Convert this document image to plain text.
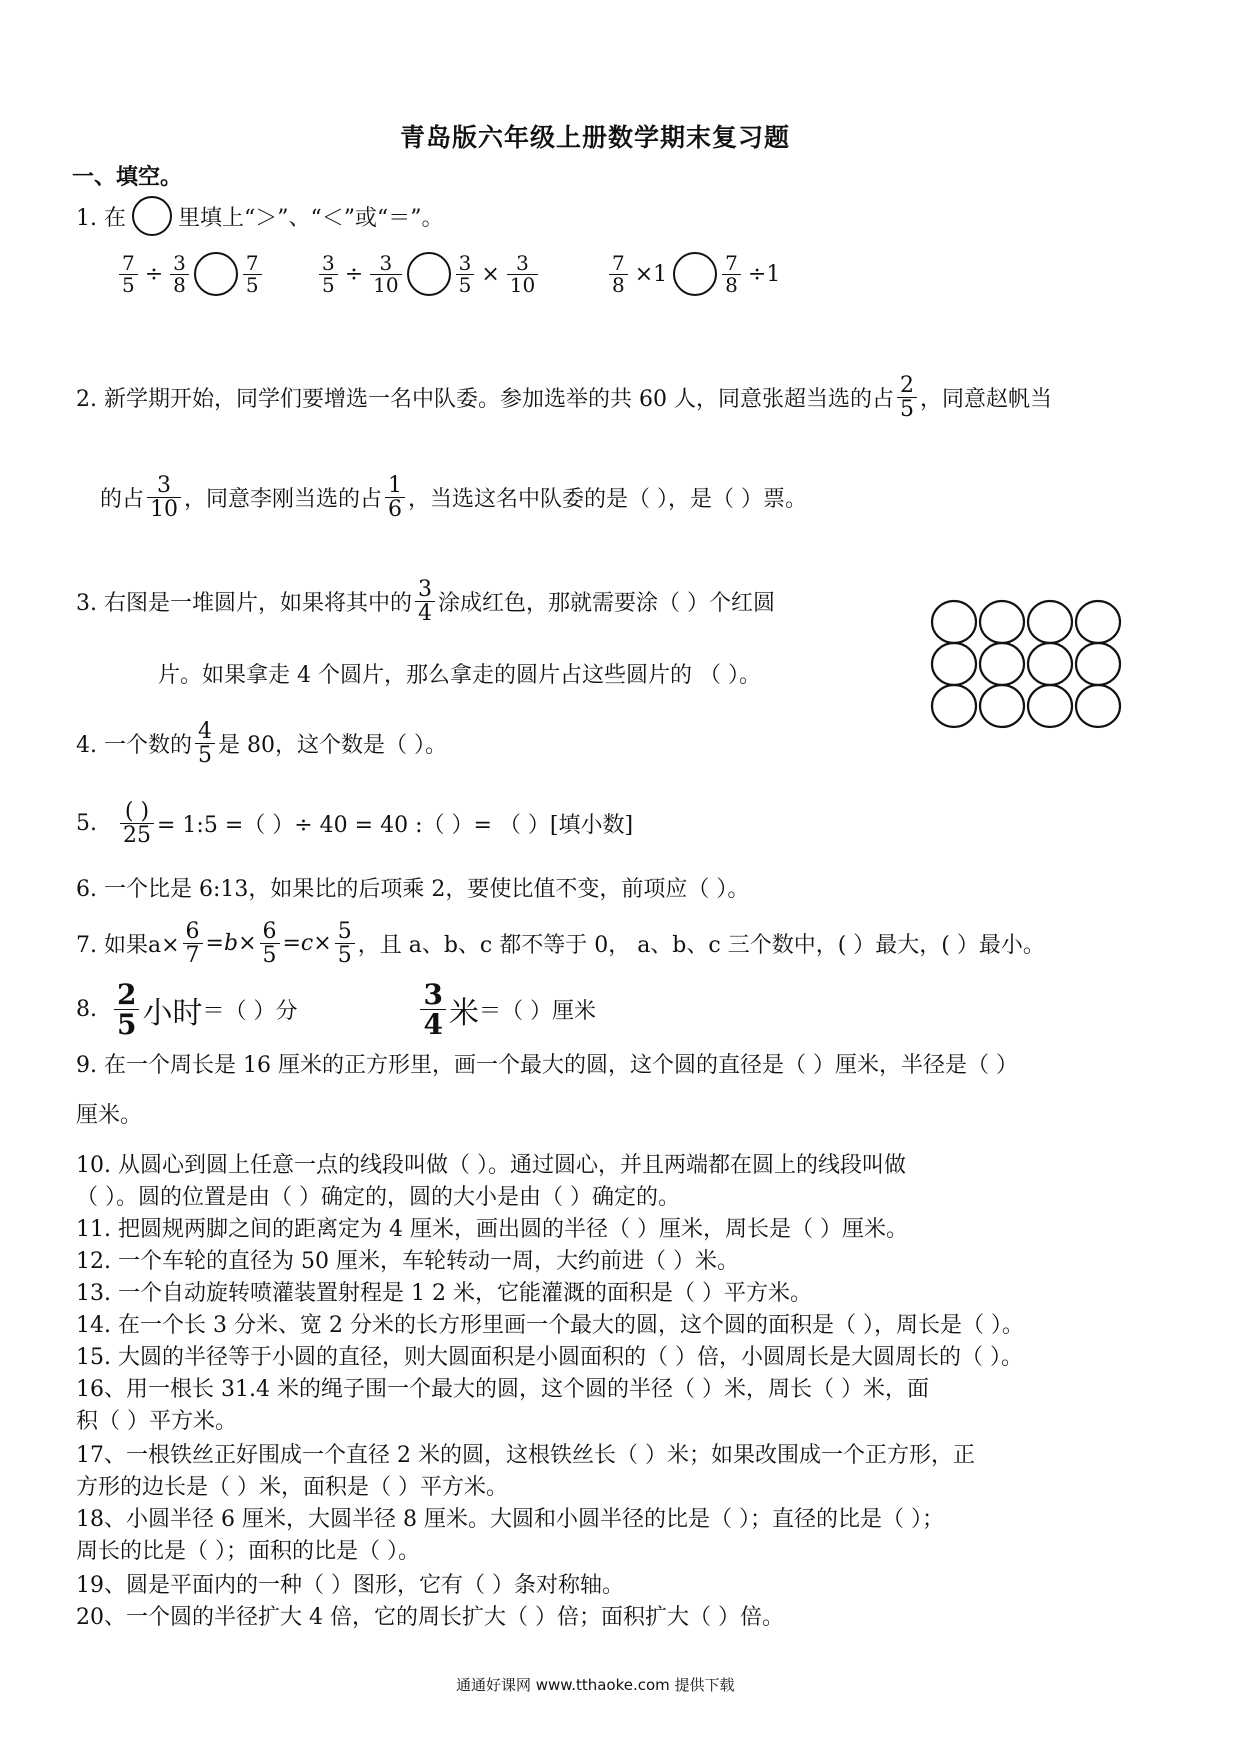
青岛版六年级上册数学期末复习题
一、填空。
1. 在 里填上“＞”、“＜”或“＝”。
$\frac{7}{5} \div \frac{3}{8}$	$\frac{7}{5}$	$\frac{3}{5} \div \frac{3}{10}$	$\frac{3}{5} \times \frac{3}{10}$	$\frac{7}{8} \times 1$	$\frac{7}{8} \div 1$
2. 新学期开始，同学们要增选一名中队委。参加选举的共 60 人，同意张超当选的占 $\frac{2}{5}$ ，同意赵帆当
的占 $\frac{3}{10}$ ，同意李刚当选的占 $\frac{1}{6}$ ，当选这名中队委的是（ ），是（ ）票。
3. 右图是一堆圆片，如果将其中的 $\frac{3}{4}$ 涂成红色，那就需要涂（ ）个红圆
片。如果拿走 4 个圆片，那么拿走的圆片占这些圆片的 （ ）。
4. 一个数的 $\frac{4}{5}$ 是 80，这个数是（ ）。
5. $\frac{( )}{25}$ = 1:5 =（ ）÷ 40 = 40 :（ ）= （ ）[填小数]
6. 一个比是 6:13，如果比的后项乘 2，要使比值不变，前项应（ ）。
7. 如果$a\times \frac{6}{7} =b\times \frac{6}{5} =c\times \frac{5}{5}$ ，且 a、b、c 都不等于 0， a、b、c 三个数中，( ）最大，( ）最小。
8. $\frac{2}{5}$ 小时 ＝（ ）分	$\frac{3}{4}$ 米 ＝（ ）厘米
9. 在一个周长是 16 厘米的正方形里，画一个最大的圆，这个圆的直径是（ ）厘米，半径是（ ）
厘米。
10. 从圆心到圆上任意一点的线段叫做（ ）。通过圆心，并且两端都在圆上的线段叫做
（ ）。圆的位置是由（ ）确定的，圆的大小是由（ ）确定的。
11. 把圆规两脚之间的距离定为 4 厘米，画出圆的半径（ ）厘米，周长是（ ）厘米。
12. 一个车轮的直径为 50 厘米，车轮转动一周，大约前进（ ）米。
13. 一个自动旋转喷灌装置射程是 1 2 米，它能灌溉的面积是（ ）平方米。
14. 在一个长 3 分米、宽 2 分米的长方形里画一个最大的圆，这个圆的面积是（ ），周长是（ ）。
15. 大圆的半径等于小圆的直径，则大圆面积是小圆面积的（ ）倍，小圆周长是大圆周长的（ ）。
16、用一根长 31.4 米的绳子围一个最大的圆，这个圆的半径（ ）米，周长（ ）米，面
积（ ）平方米。
17、一根铁丝正好围成一个直径 2 米的圆，这根铁丝长（ ）米；如果改围成一个正方形，正
方形的边长是（ ）米，面积是（ ）平方米。
18、小圆半径 6 厘米，大圆半径 8 厘米。大圆和小圆半径的比是（ ）；直径的比是（ ）；
周长的比是（ ）；面积的比是（ ）。
19、圆是平面内的一种（ ）图形，它有（ ）条对称轴。
20、一个圆的半径扩大 4 倍，它的周长扩大（ ）倍；面积扩大（ ）倍。
通通好课网 www.tthaoke.com 提供下载
